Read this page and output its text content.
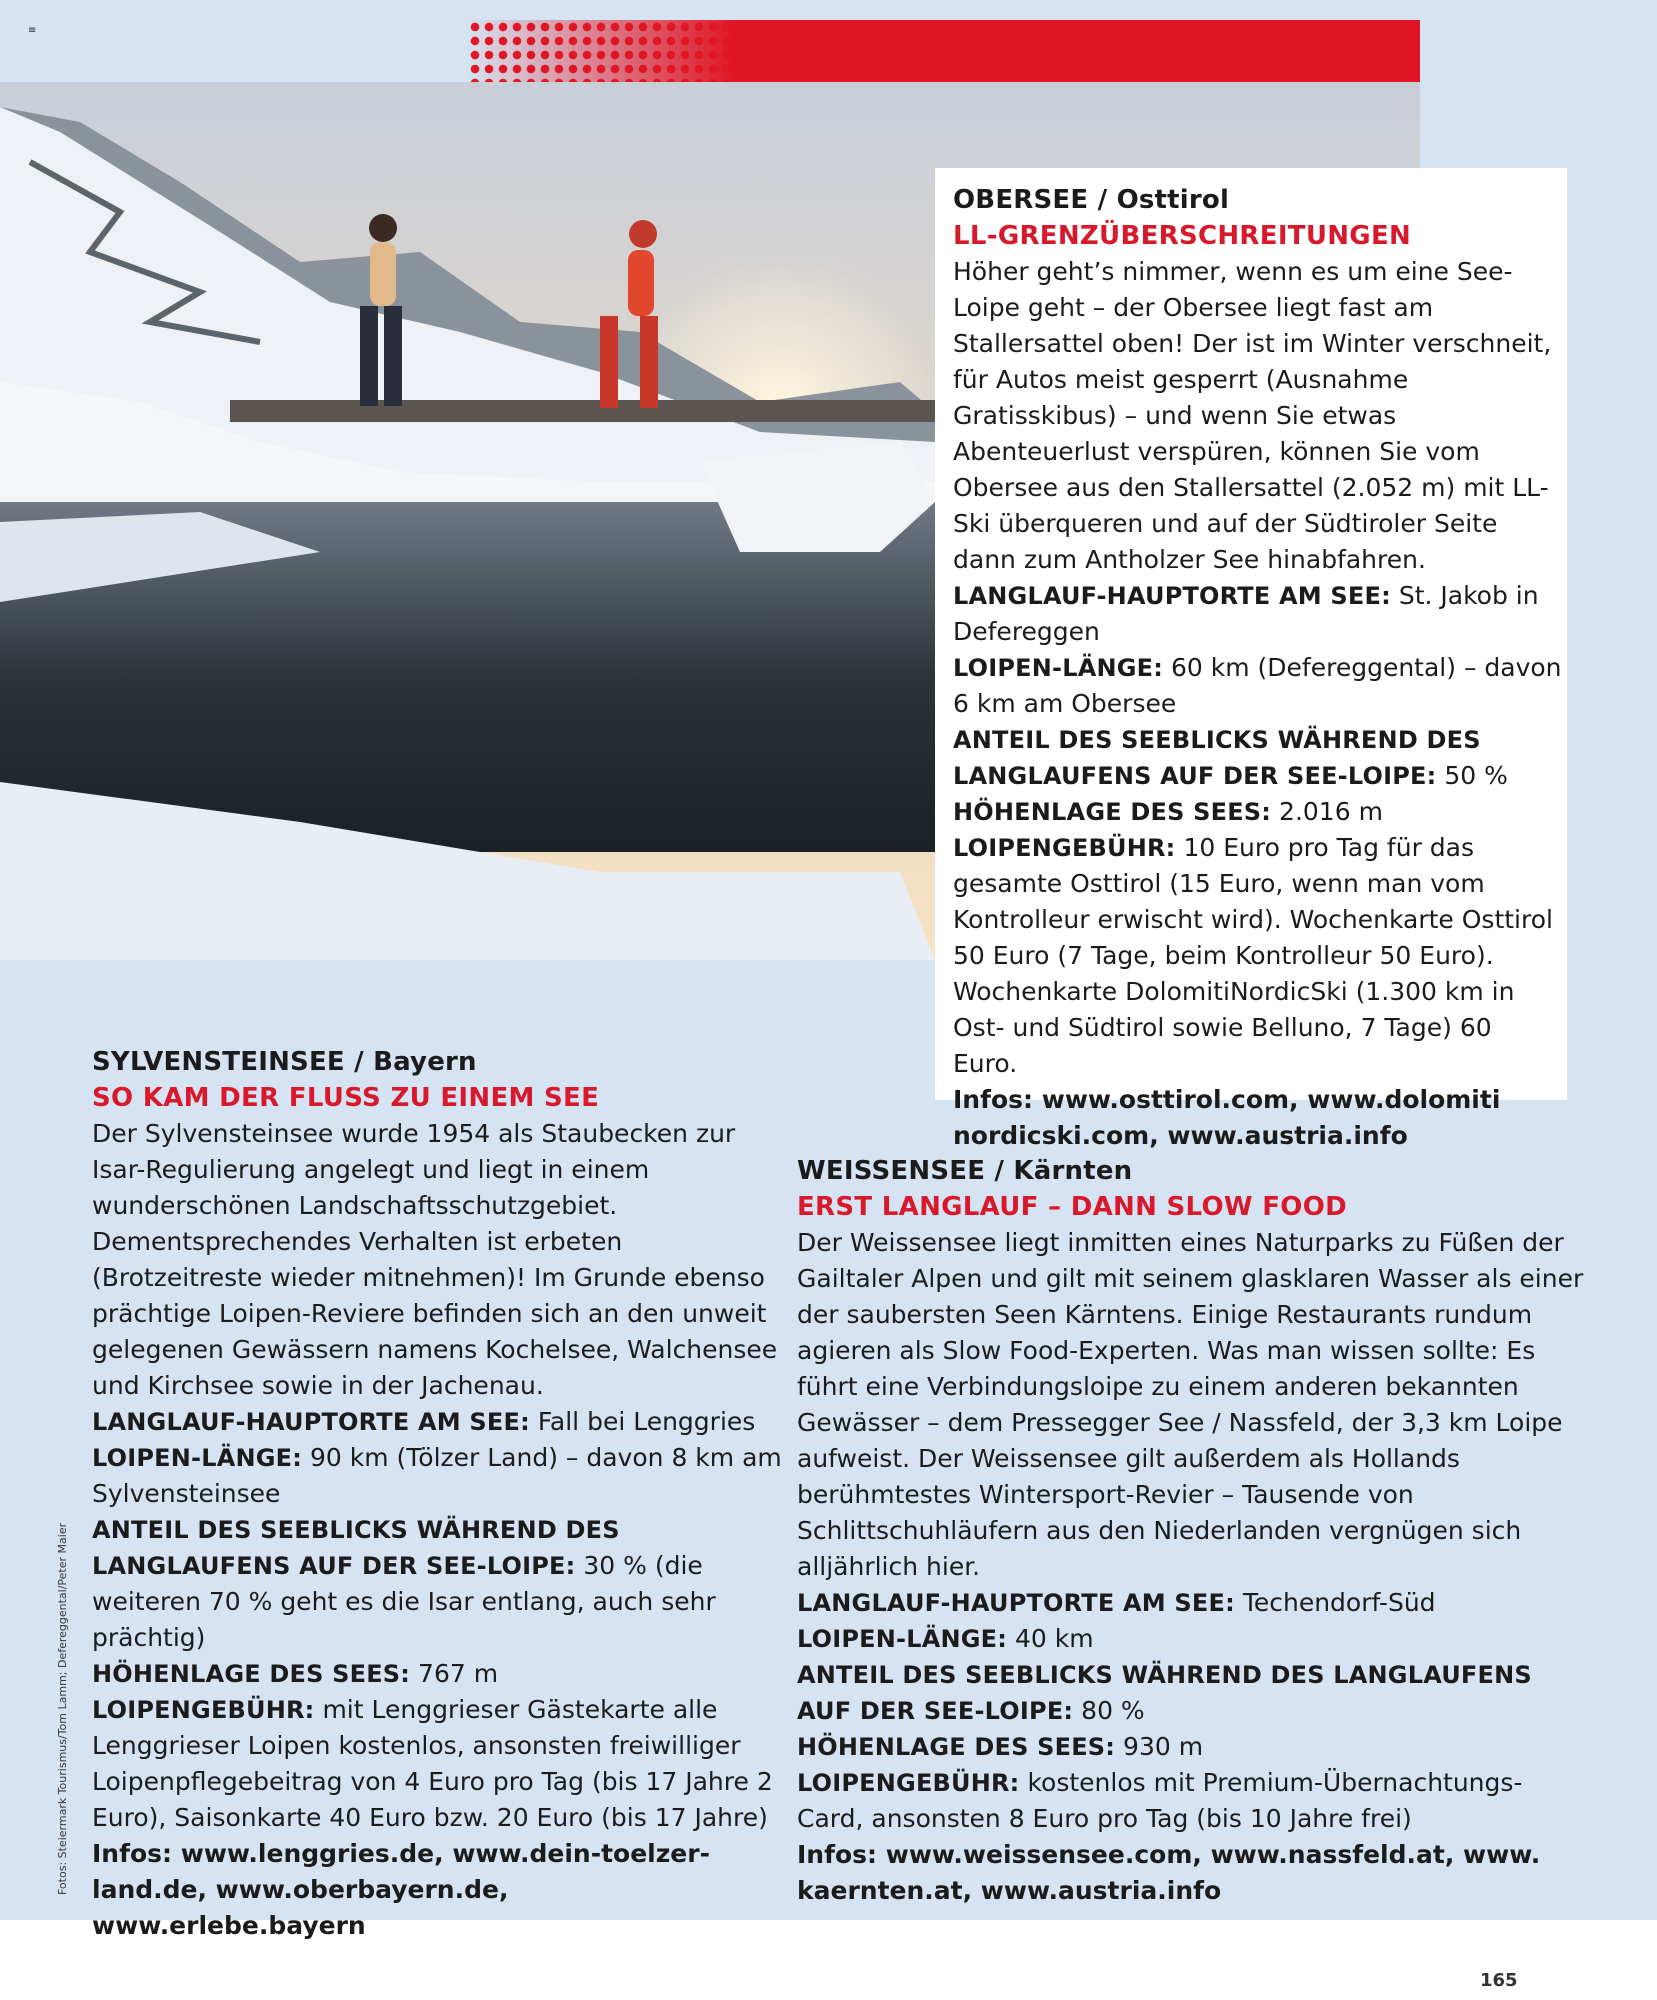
≡
OBERSEE / Osttirol
LL-GRENZÜBERSCHREITUNGEN

Höher geht’s nimmer, wenn es um eine See-Loipe geht – der Obersee liegt fast am Stallersattel oben! Der ist im Winter verschneit, für Autos meist gesperrt (Ausnahme Gratisskibus) – und wenn Sie etwas Abenteuerlust verspüren, können Sie vom Obersee aus den Stallersattel (2.052 m) mit LL-Ski überqueren und auf der Südtiroler Seite dann zum Antholzer See hinabfahren.

LANGLAUF-HAUPTORTE AM SEE: St. Jakob in Defereggen

LOIPEN-LÄNGE: 60 km (Defereggental) – davon 6 km am Obersee

ANTEIL DES SEEBLICKS WÄHREND DES LANGLAUFENS AUF DER SEE-LOIPE: 50 %

HÖHENLAGE DES SEES: 2.016 m

LOIPENGEBÜHR: 10 Euro pro Tag für das gesamte Osttirol (15 Euro, wenn man vom Kontrolleur erwischt wird). Wochenkarte Osttirol 50 Euro (7 Tage, beim Kontrolleur 50 Euro). Wochenkarte DolomitiNordicSki (1.300 km in Ost- und Südtirol sowie Belluno, 7 Tage) 60 Euro.

Infos: www.osttirol.com, www.dolomiti nordicski.com, www.austria.info

SYLVENSTEINSEE / Bayern
SO KAM DER FLUSS ZU EINEM SEE

Der Sylvensteinsee wurde 1954 als Staubecken zur Isar-Regulierung angelegt und liegt in einem wunderschönen Landschaftsschutzgebiet. Dementsprechendes Verhalten ist erbeten (Brotzeitreste wieder mitnehmen)! Im Grunde ebenso prächtige Loipen-Reviere befinden sich an den unweit gelegenen Gewässern namens Kochelsee, Walchensee und Kirchsee sowie in der Jachenau.

LANGLAUF-HAUPTORTE AM SEE: Fall bei Lenggries

LOIPEN-LÄNGE: 90 km (Tölzer Land) – davon 8 km am Sylvensteinsee

ANTEIL DES SEEBLICKS WÄHREND DES LANGLAUFENS AUF DER SEE-LOIPE: 30 % (die weiteren 70 % geht es die Isar entlang, auch sehr prächtig)

HÖHENLAGE DES SEES: 767 m

LOIPENGEBÜHR: mit Lenggrieser Gästekarte alle Lenggrieser Loipen kostenlos, ansonsten freiwilliger Loipenpflegebeitrag von 4 Euro pro Tag (bis 17 Jahre 2 Euro), Saisonkarte 40 Euro bzw. 20 Euro (bis 17 Jahre)

Infos: www.lenggries.de, www.dein-toelzer-land.de, www.oberbayern.de, www.erlebe.bayern

WEISSENSEE / Kärnten
ERST LANGLAUF – DANN SLOW FOOD

Der Weissensee liegt inmitten eines Naturparks zu Füßen der Gailtaler Alpen und gilt mit seinem glasklaren Wasser als einer der saubersten Seen Kärntens. Einige Restaurants rundum agieren als Slow Food-Experten. Was man wissen sollte: Es führt eine Verbindungsloipe zu einem anderen bekannten Gewässer – dem Pressegger See / Nassfeld, der 3,3 km Loipe aufweist. Der Weissensee gilt außerdem als Hollands berühmtestes Wintersport-Revier – Tausende von Schlittschuhläufern aus den Niederlanden vergnügen sich alljährlich hier.

LANGLAUF-HAUPTORTE AM SEE: Techendorf-Süd

LOIPEN-LÄNGE: 40 km

ANTEIL DES SEEBLICKS WÄHREND DES LANGLAUFENS AUF DER SEE-LOIPE: 80 %

HÖHENLAGE DES SEES: 930 m

LOIPENGEBÜHR: kostenlos mit Premium-Übernachtungs-Card, ansonsten 8 Euro pro Tag (bis 10 Jahre frei)

Infos: www.weissensee.com, www.nassfeld.at, www. kaernten.at, www.austria.info

Fotos: Steiermark Tourismus/Tom Lamm; Defereggental/Peter Maier
165
